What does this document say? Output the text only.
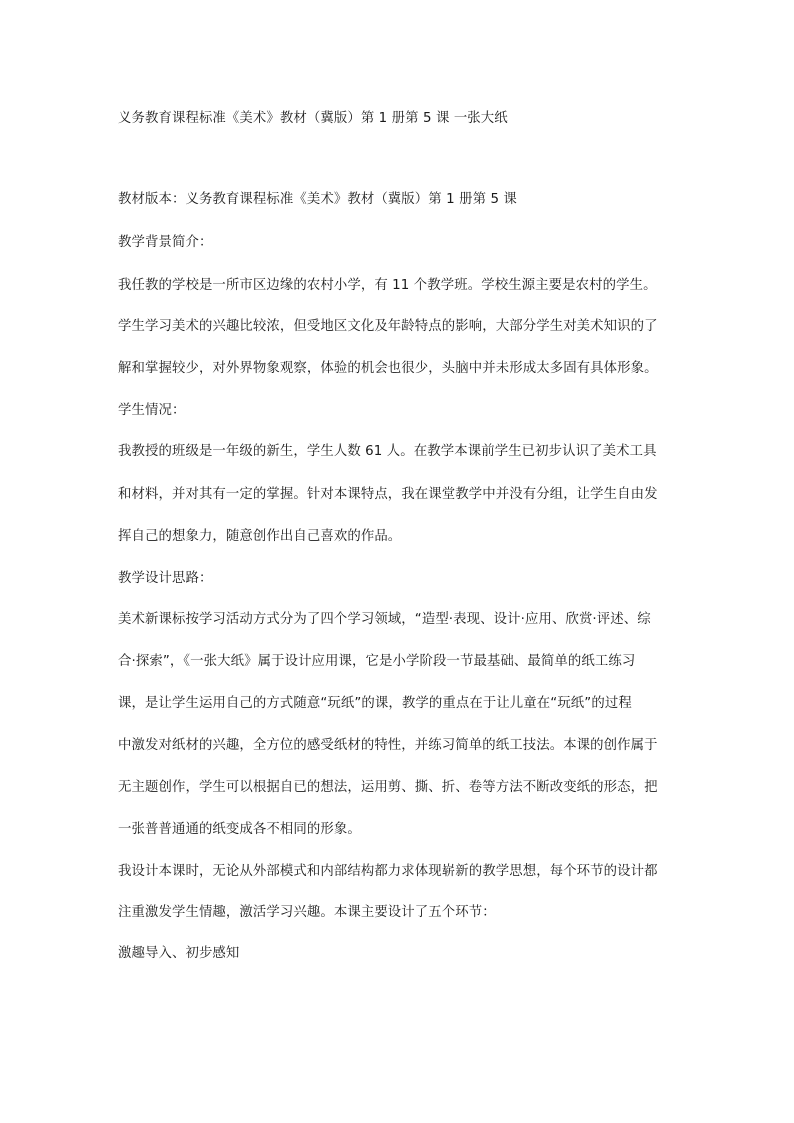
义务教育课程标准《美术》教材（冀版）第 1 册第 5 课 一张大纸
教材版本：义务教育课程标准《美术》教材（冀版）第 1 册第 5 课
教学背景简介：
我任教的学校是一所市区边缘的农村小学，有 11 个教学班。学校生源主要是农村的学生。
学生学习美术的兴趣比较浓，但受地区文化及年龄特点的影响，大部分学生对美术知识的了
解和掌握较少，对外界物象观察，体验的机会也很少，头脑中并未形成太多固有具体形象。
学生情况：
我教授的班级是一年级的新生，学生人数 61 人。在教学本课前学生已初步认识了美术工具
和材料，并对其有一定的掌握。针对本课特点，我在课堂教学中并没有分组，让学生自由发
挥自己的想象力，随意创作出自己喜欢的作品。
教学设计思路：
美术新课标按学习活动方式分为了四个学习领域，“造型·表现、设计·应用、欣赏·评述、综
合·探索”，《一张大纸》属于设计应用课，它是小学阶段一节最基础、最简单的纸工练习
课，是让学生运用自己的方式随意“玩纸”的课，教学的重点在于让儿童在“玩纸”的过程
中激发对纸材的兴趣，全方位的感受纸材的特性，并练习简单的纸工技法。本课的创作属于
无主题创作，学生可以根据自已的想法，运用剪、撕、折、卷等方法不断改变纸的形态，把
一张普普通通的纸变成各不相同的形象。
我设计本课时，无论从外部模式和内部结构都力求体现崭新的教学思想，每个环节的设计都
注重激发学生情趣，激活学习兴趣。本课主要设计了五个环节：
激趣导入、初步感知
